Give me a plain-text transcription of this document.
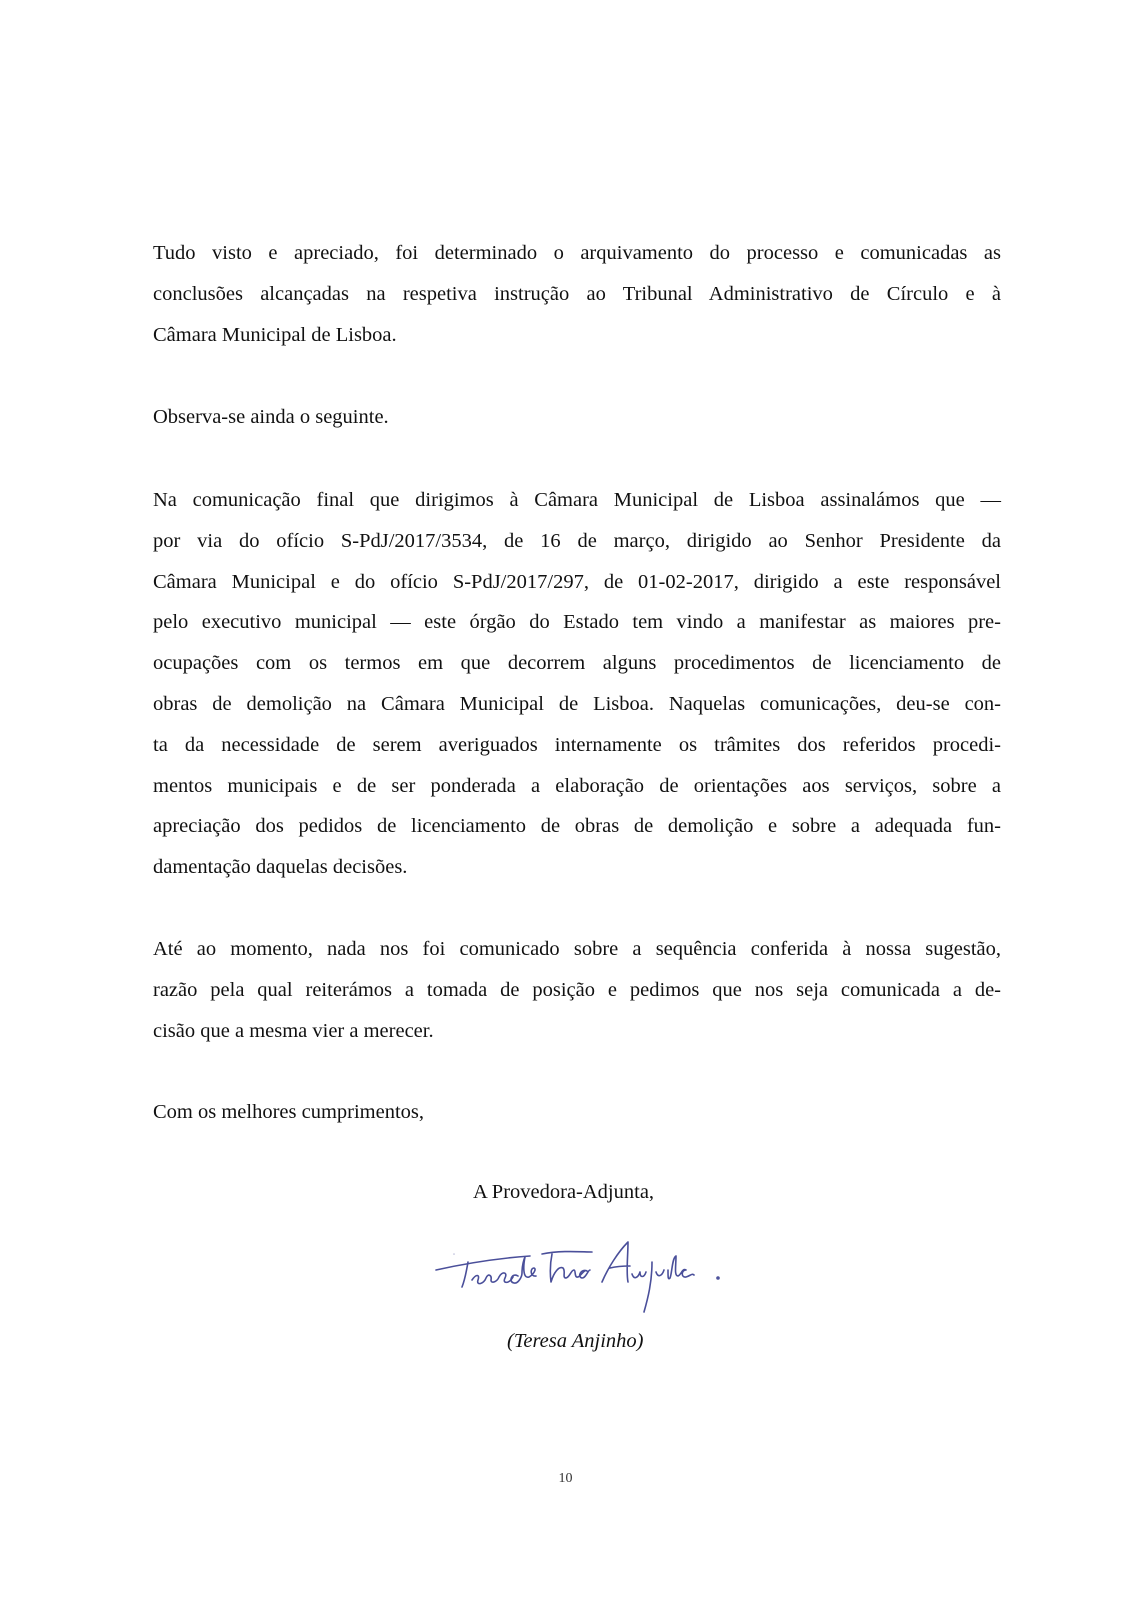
Tudo visto e apreciado, foi determinado o arquivamento do processo e comunicadas as
conclusões alcançadas na respetiva instrução ao Tribunal Administrativo de Círculo e à
Câmara Municipal de Lisboa.
Observa-se ainda o seguinte.
Na comunicação final que dirigimos à Câmara Municipal de Lisboa assinalámos que —
por via do ofício S-PdJ/2017/3534, de 16 de março, dirigido ao Senhor Presidente da
Câmara Municipal e do ofício S-PdJ/2017/297, de 01-02-2017, dirigido a este responsável
pelo executivo municipal — este órgão do Estado tem vindo a manifestar as maiores pre-
ocupações com os termos em que decorrem alguns procedimentos de licenciamento de
obras de demolição na Câmara Municipal de Lisboa. Naquelas comunicações, deu-se con-
ta da necessidade de serem averiguados internamente os trâmites dos referidos procedi-
mentos municipais e de ser ponderada a elaboração de orientações aos serviços, sobre a
apreciação dos pedidos de licenciamento de obras de demolição e sobre a adequada fun-
damentação daquelas decisões.
Até ao momento, nada nos foi comunicado sobre a sequência conferida à nossa sugestão,
razão pela qual reiterámos a tomada de posição e pedimos que nos seja comunicada a de-
cisão que a mesma vier a merecer.
Com os melhores cumprimentos,
A Provedora-Adjunta,
(Teresa Anjinho)
10
